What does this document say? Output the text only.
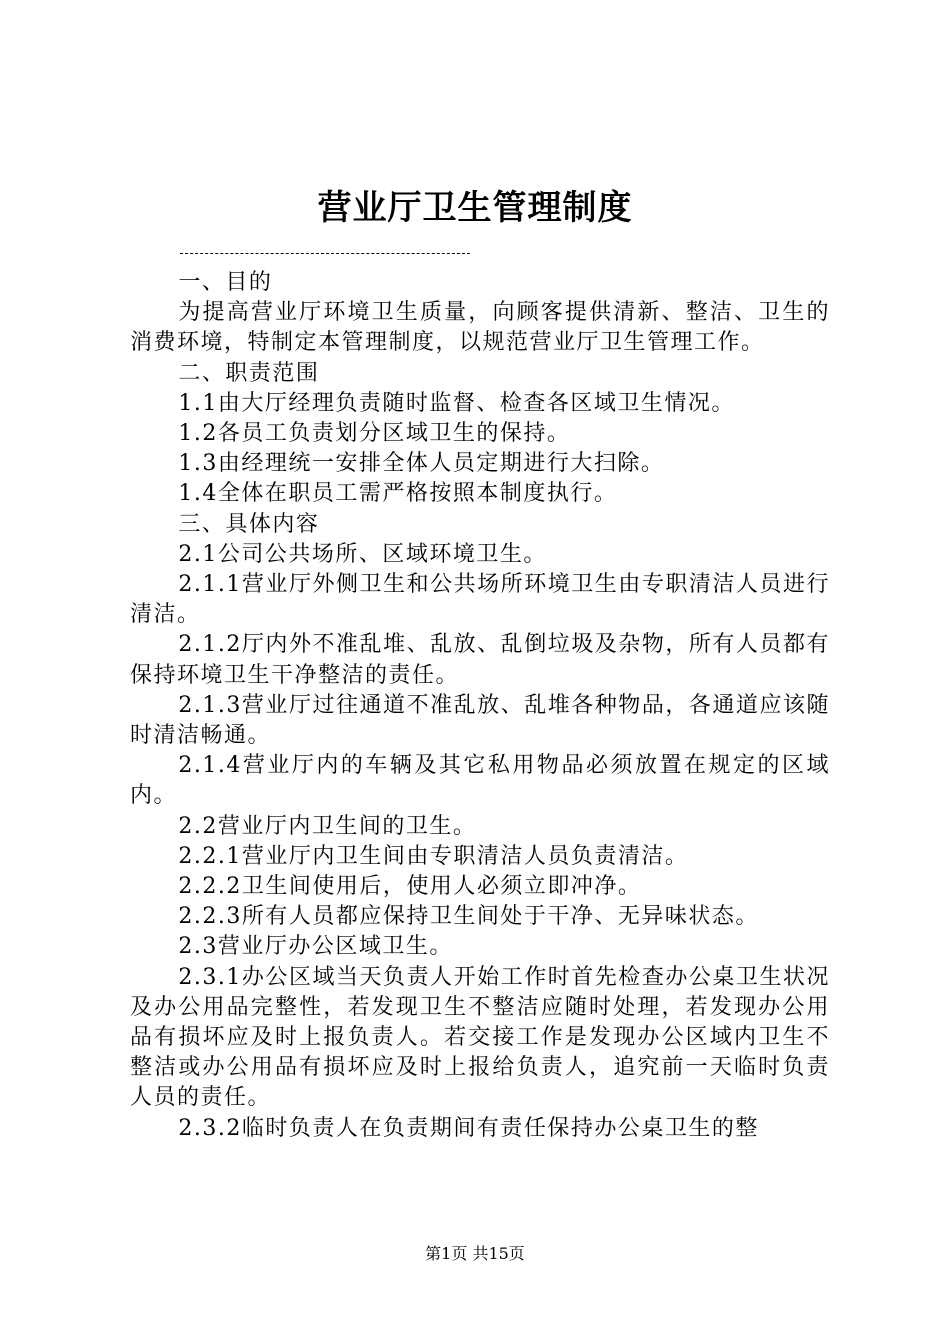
营业厅卫生管理制度

一、目的

为提高营业厅环境卫生质量，向顾客提供清新、整洁、卫生的消费环境，特制定本管理制度，以规范营业厅卫生管理工作。

二、职责范围

1.1由大厅经理负责随时监督、检查各区域卫生情况。

1.2各员工负责划分区域卫生的保持。

1.3由经理统一安排全体人员定期进行大扫除。

1.4全体在职员工需严格按照本制度执行。

三、具体内容

2.1公司公共场所、区域环境卫生。

2.1.1营业厅外侧卫生和公共场所环境卫生由专职清洁人员进行清洁。

2.1.2厅内外不准乱堆、乱放、乱倒垃圾及杂物，所有人员都有保持环境卫生干净整洁的责任。

2.1.3营业厅过往通道不准乱放、乱堆各种物品，各通道应该随时清洁畅通。

2.1.4营业厅内的车辆及其它私用物品必须放置在规定的区域内。

2.2营业厅内卫生间的卫生。

2.2.1营业厅内卫生间由专职清洁人员负责清洁。

2.2.2卫生间使用后，使用人必须立即冲净。

2.2.3所有人员都应保持卫生间处于干净、无异味状态。

2.3营业厅办公区域卫生。

2.3.1办公区域当天负责人开始工作时首先检查办公桌卫生状况及办公用品完整性，若发现卫生不整洁应随时处理，若发现办公用品有损坏应及时上报负责人。若交接工作是发现办公区域内卫生不整洁或办公用品有损坏应及时上报给负责人，追究前一天临时负责人员的责任。

2.3.2临时负责人在负责期间有责任保持办公桌卫生的整

第1页 共15页
